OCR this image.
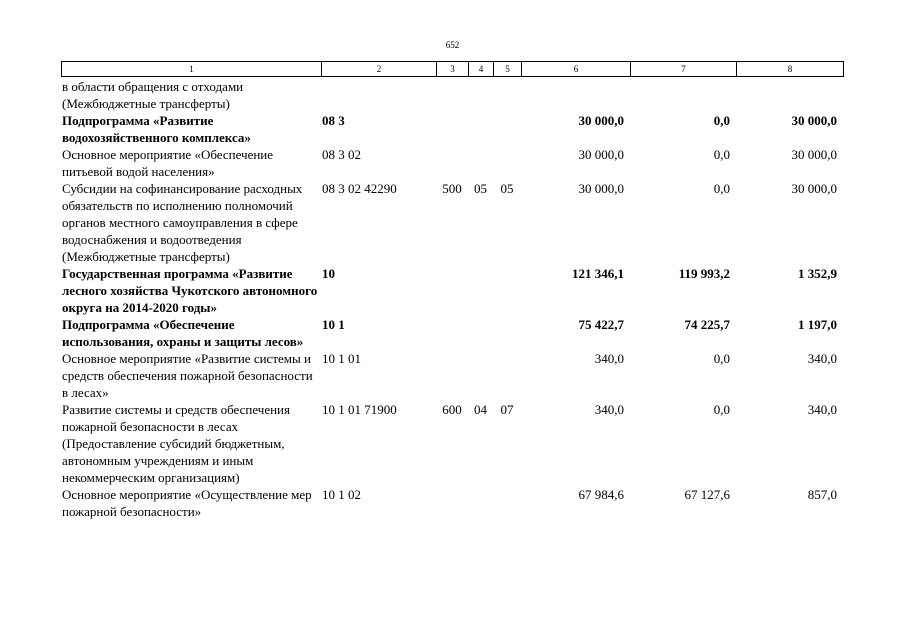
652
1	2	3	4	5	6	7	8
в области обращения с отходами (Межбюджетные трансферты)							
Подпрограмма «Развитие водохозяйственного комплекса»	08 3				30 000,0	0,0	30 000,0
Основное мероприятие «Обеспечение питьевой водой населения»	08 3 02				30 000,0	0,0	30 000,0
Субсидии на софинансирование расходных обязательств по исполнению полномочий органов местного самоуправления в сфере водоснабжения и водоотведения (Межбюджетные трансферты)	08 3 02 42290	500	05	05	30 000,0	0,0	30 000,0
Государственная программа «Развитие лесного хозяйства Чукотского автономного округа на 2014-2020 годы»	10				121 346,1	119 993,2	1 352,9
Подпрограмма «Обеспечение использования, охраны и защиты лесов»	10 1				75 422,7	74 225,7	1 197,0
Основное мероприятие «Развитие системы и средств обеспечения пожарной безопасности в лесах»	10 1 01				340,0	0,0	340,0
Развитие системы и средств обеспечения пожарной безопасности в лесах (Предоставление субсидий бюджетным, автономным учреждениям и иным некоммерческим организациям)	10 1 01 71900	600	04	07	340,0	0,0	340,0
Основное мероприятие «Осуществление мер пожарной безопасности»	10 1 02				67 984,6	67 127,6	857,0
